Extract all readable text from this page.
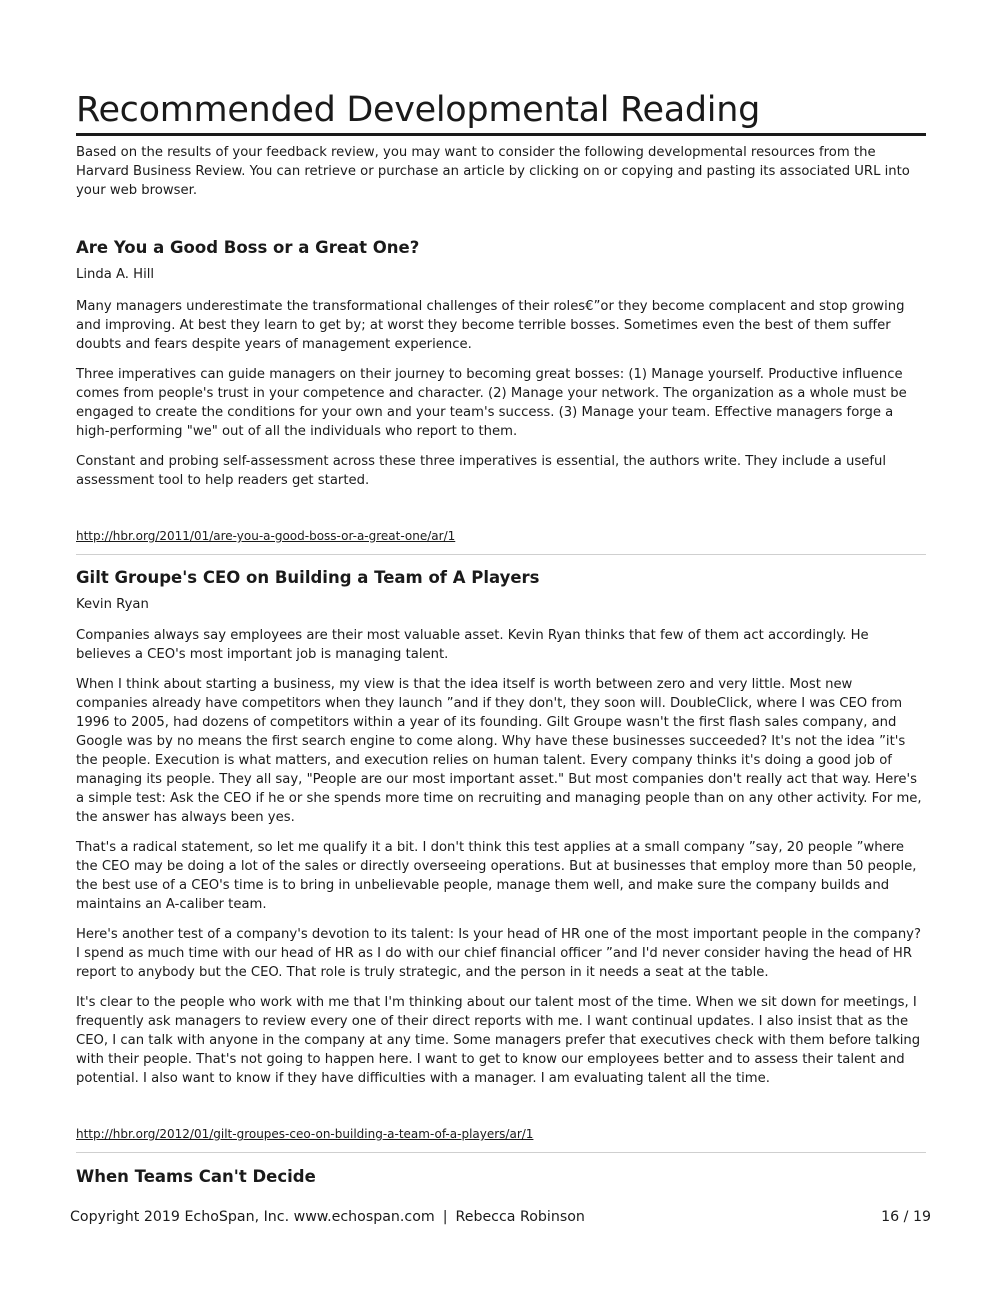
Recommended Developmental Reading

Based on the results of your feedback review, you may want to consider the following developmental resources from the Harvard Business Review. You can retrieve or purchase an article by clicking on or copying and pasting its associated URL into your web browser.

Are You a Good Boss or a Great One?

Linda A. Hill

Many managers underestimate the transformational challenges of their roles€”or they become complacent and stop growing and improving. At best they learn to get by; at worst they become terrible bosses. Sometimes even the best of them suffer doubts and fears despite years of management experience.

Three imperatives can guide managers on their journey to becoming great bosses: (1) Manage yourself. Productive influence comes from people's trust in your competence and character. (2) Manage your network. The organization as a whole must be engaged to create the conditions for your own and your team's success. (3) Manage your team. Effective managers forge a high-performing "we" out of all the individuals who report to them.

Constant and probing self-assessment across these three imperatives is essential, the authors write. They include a useful assessment tool to help readers get started.

http://hbr.org/2011/01/are-you-a-good-boss-or-a-great-one/ar/1
Gilt Groupe's CEO on Building a Team of A Players

Kevin Ryan

Companies always say employees are their most valuable asset. Kevin Ryan thinks that few of them act accordingly. He believes a CEO's most important job is managing talent.

When I think about starting a business, my view is that the idea itself is worth between zero and very little. Most new companies already have competitors when they launch ”and if they don't, they soon will. DoubleClick, where I was CEO from 1996 to 2005, had dozens of competitors within a year of its founding. Gilt Groupe wasn't the first flash sales company, and Google was by no means the first search engine to come along. Why have these businesses succeeded? It's not the idea ”it's the people. Execution is what matters, and execution relies on human talent. Every company thinks it's doing a good job of managing its people. They all say, "People are our most important asset." But most companies don't really act that way. Here's a simple test: Ask the CEO if he or she spends more time on recruiting and managing people than on any other activity. For me, the answer has always been yes.

That's a radical statement, so let me qualify it a bit. I don't think this test applies at a small company ”say, 20 people ”where the CEO may be doing a lot of the sales or directly overseeing operations. But at businesses that employ more than 50 people, the best use of a CEO's time is to bring in unbelievable people, manage them well, and make sure the company builds and maintains an A-caliber team.

Here's another test of a company's devotion to its talent: Is your head of HR one of the most important people in the company? I spend as much time with our head of HR as I do with our chief financial officer ”and I'd never consider having the head of HR report to anybody but the CEO. That role is truly strategic, and the person in it needs a seat at the table.

It's clear to the people who work with me that I'm thinking about our talent most of the time. When we sit down for meetings, I frequently ask managers to review every one of their direct reports with me. I want continual updates. I also insist that as the CEO, I can talk with anyone in the company at any time. Some managers prefer that executives check with them before talking with their people. That's not going to happen here. I want to get to know our employees better and to assess their talent and potential. I also want to know if they have difficulties with a manager. I am evaluating talent all the time.

http://hbr.org/2012/01/gilt-groupes-ceo-on-building-a-team-of-a-players/ar/1
When Teams Can't Decide
Copyright 2019 EchoSpan, Inc. www.echospan.com | Rebecca Robinson	16 / 19
